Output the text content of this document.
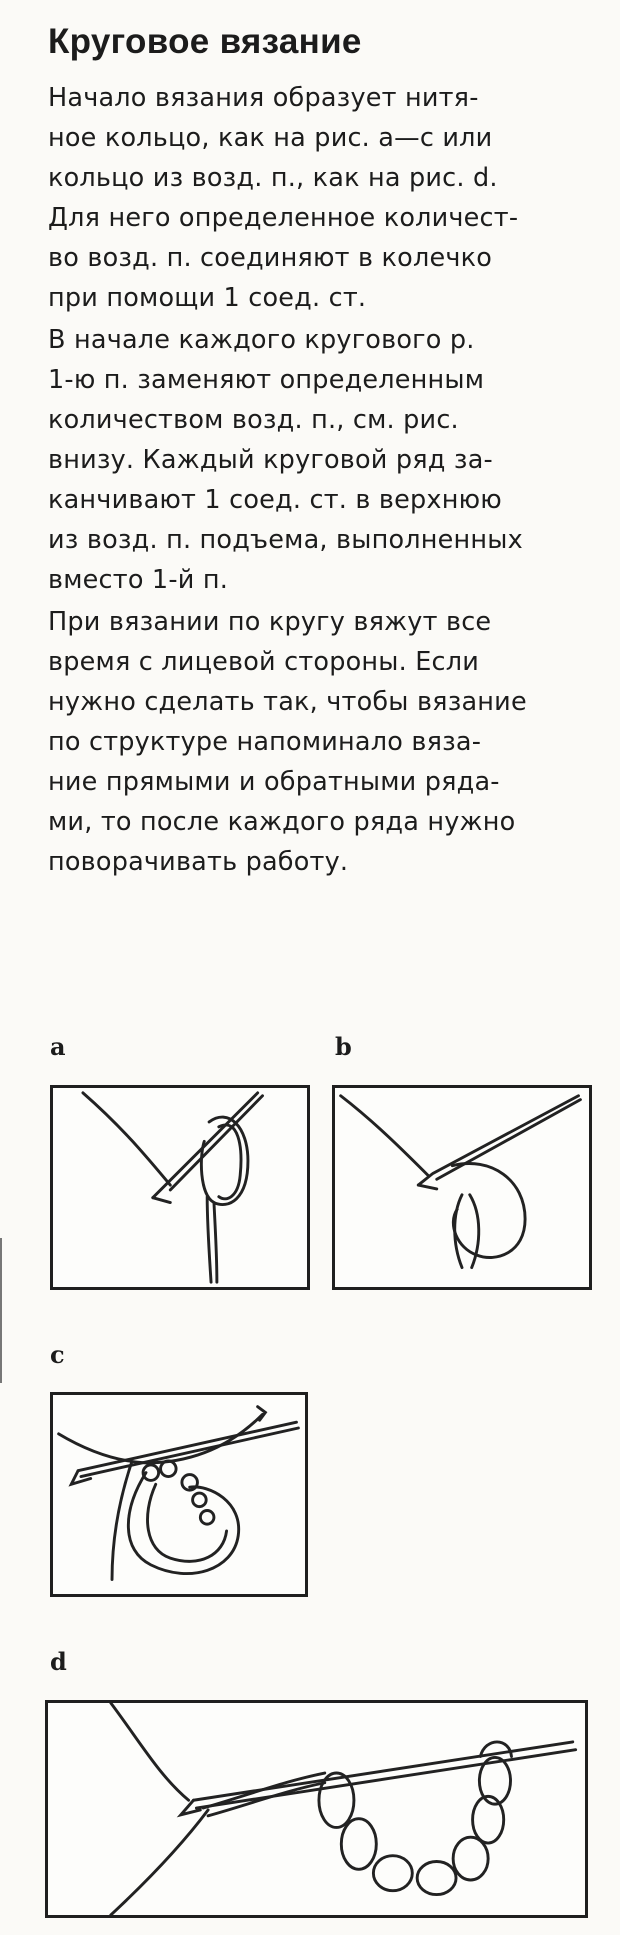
Круговое вязание

Начало вязания образует нитя-
ное кольцо, как на рис. a—c или
кольцо из возд. п., как на рис. d.
Для него определенное количест-
во возд. п. соединяют в колечко
при помощи 1 соед. ст.

В начале каждого кругового р.
1-ю п. заменяют определенным
количеством возд. п., см. рис.
внизу. Каждый круговой ряд за-
канчивают 1 соед. ст. в верхнюю
из возд. п. подъема, выполненных
вместо 1-й п.

При вязании по кругу вяжут все
время с лицевой стороны. Если
нужно сделать так, чтобы вязание
по структуре напоминало вяза-
ние прямыми и обратными ряда-
ми, то после каждого ряда нужно
поворачивать работу.

a	b
c
d
